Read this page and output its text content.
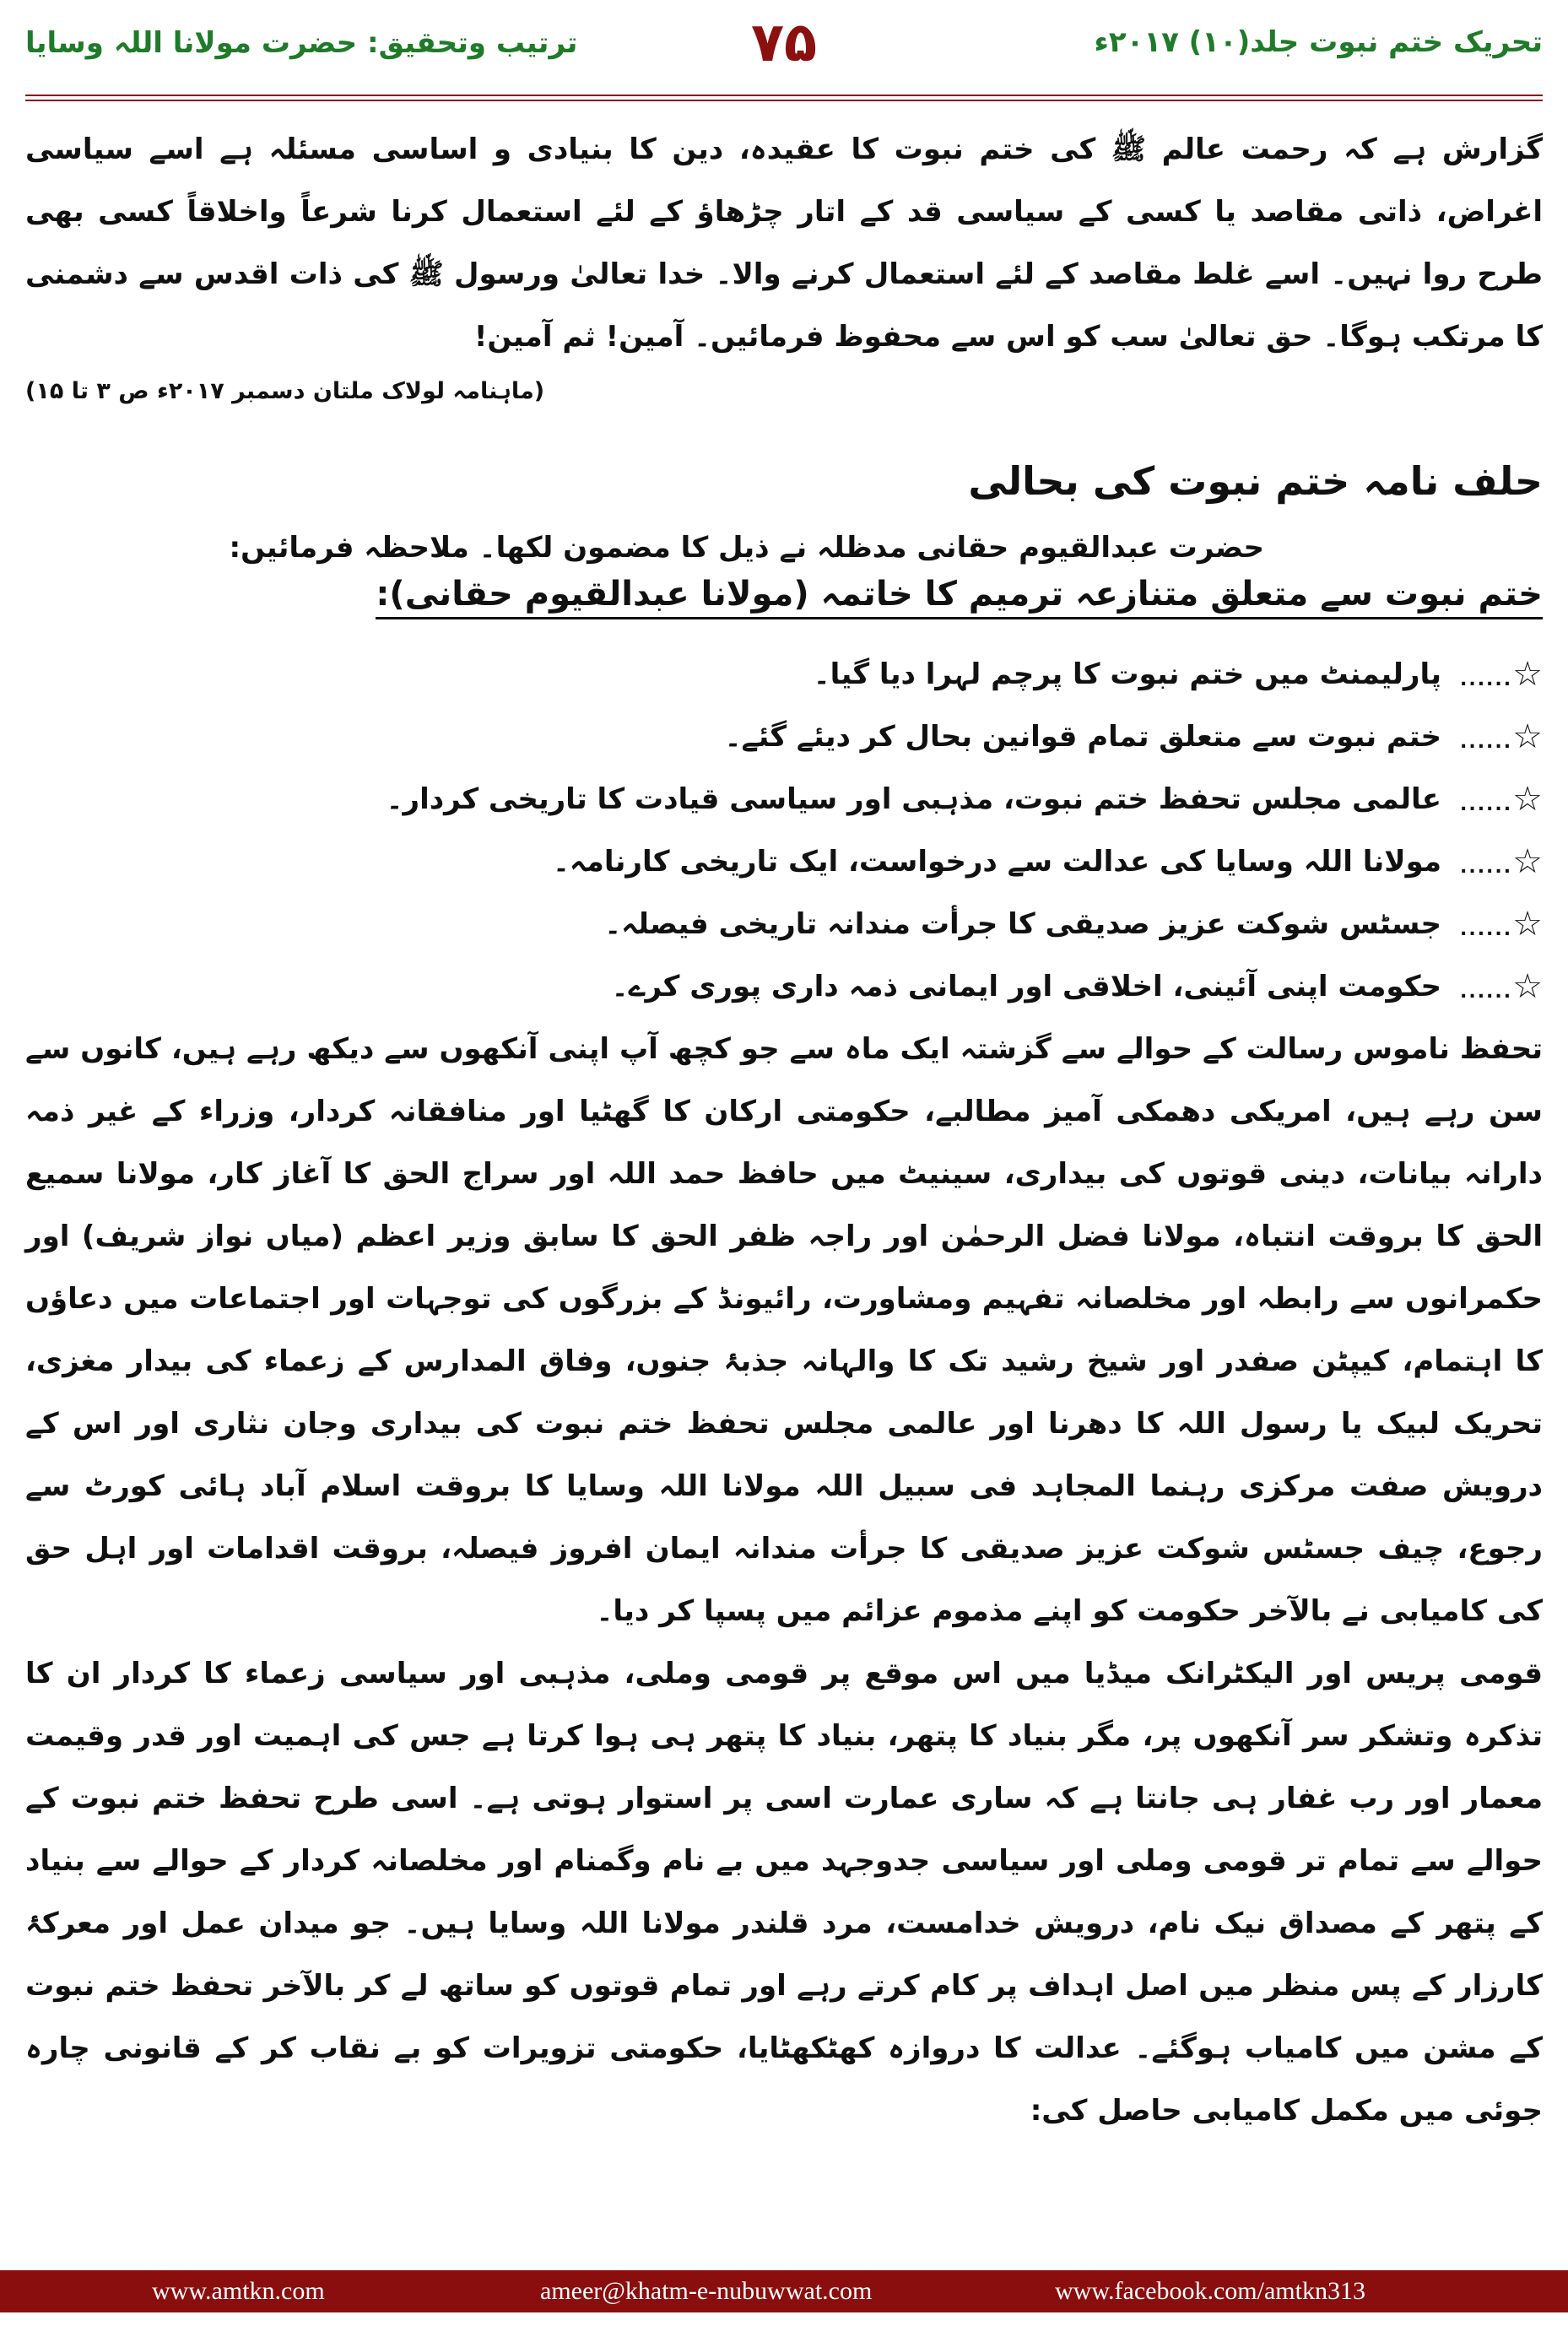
تحریک ختم نبوت جلد(۱۰) ۲۰۱۷ء
۷۵
ترتیب وتحقیق: حضرت مولانا اللہ وسایا

گزارش ہے کہ رحمت عالم ﷺ کی ختم نبوت کا عقیدہ، دین کا بنیادی و اساسی مسئلہ ہے اسے سیاسی اغراض، ذاتی مقاصد یا کسی کے سیاسی قد کے اتار چڑھاؤ کے لئے استعمال کرنا شرعاً واخلاقاً کسی بھی طرح روا نہیں۔ اسے غلط مقاصد کے لئے استعمال کرنے والا۔ خدا تعالیٰ ورسول ﷺ کی ذات اقدس سے دشمنی کا مرتکب ہوگا۔ حق تعالیٰ سب کو اس سے محفوظ فرمائیں۔ آمین! ثم آمین!

(ماہنامہ لولاک ملتان دسمبر ۲۰۱۷ء ص ۳ تا ۱۵)

حلف نامہ ختم نبوت کی بحالی

حضرت عبدالقیوم حقانی مدظلہ نے ذیل کا مضمون لکھا۔ ملاحظہ فرمائیں:

ختم نبوت سے متعلق متنازعہ ترمیم کا خاتمہ (مولانا عبدالقیوم حقانی):
☆......
پارلیمنٹ میں ختم نبوت کا پرچم لہرا دیا گیا۔
☆......
ختم نبوت سے متعلق تمام قوانین بحال کر دیئے گئے۔
☆......
عالمی مجلس تحفظ ختم نبوت، مذہبی اور سیاسی قیادت کا تاریخی کردار۔
☆......
مولانا اللہ وسایا کی عدالت سے درخواست، ایک تاریخی کارنامہ۔
☆......
جسٹس شوکت عزیز صدیقی کا جرأت مندانہ تاریخی فیصلہ۔
☆......
حکومت اپنی آئینی، اخلاقی اور ایمانی ذمہ داری پوری کرے۔

تحفظ ناموس رسالت کے حوالے سے گزشتہ ایک ماہ سے جو کچھ آپ اپنی آنکھوں سے دیکھ رہے ہیں، کانوں سے سن رہے ہیں، امریکی دھمکی آمیز مطالبے، حکومتی ارکان کا گھٹیا اور منافقانہ کردار، وزراء کے غیر ذمہ دارانہ بیانات، دینی قوتوں کی بیداری، سینیٹ میں حافظ حمد اللہ اور سراج الحق کا آغاز کار، مولانا سمیع الحق کا بروقت انتباہ، مولانا فضل الرحمٰن اور راجہ ظفر الحق کا سابق وزیر اعظم (میاں نواز شریف) اور حکمرانوں سے رابطہ اور مخلصانہ تفہیم ومشاورت، رائیونڈ کے بزرگوں کی توجہات اور اجتماعات میں دعاؤں کا اہتمام، کیپٹن صفدر اور شیخ رشید تک کا والہانہ جذبۂ جنوں، وفاق المدارس کے زعماء کی بیدار مغزی، تحریک لبیک یا رسول اللہ کا دھرنا اور عالمی مجلس تحفظ ختم نبوت کی بیداری وجان نثاری اور اس کے درویش صفت مرکزی رہنما المجاہد فی سبیل اللہ مولانا اللہ وسایا کا بروقت اسلام آباد ہائی کورٹ سے رجوع، چیف جسٹس شوکت عزیز صدیقی کا جرأت مندانہ ایمان افروز فیصلہ، بروقت اقدامات اور اہل حق کی کامیابی نے بالآخر حکومت کو اپنے مذموم عزائم میں پسپا کر دیا۔

قومی پریس اور الیکٹرانک میڈیا میں اس موقع پر قومی وملی، مذہبی اور سیاسی زعماء کا کردار ان کا تذکرہ وتشکر سر آنکھوں پر، مگر بنیاد کا پتھر، بنیاد کا پتھر ہی ہوا کرتا ہے جس کی اہمیت اور قدر وقیمت معمار اور رب غفار ہی جانتا ہے کہ ساری عمارت اسی پر استوار ہوتی ہے۔ اسی طرح تحفظ ختم نبوت کے حوالے سے تمام تر قومی وملی اور سیاسی جدوجہد میں بے نام وگمنام اور مخلصانہ کردار کے حوالے سے بنیاد کے پتھر کے مصداق نیک نام، درویش خدامست، مرد قلندر مولانا اللہ وسایا ہیں۔ جو میدان عمل اور معرکۂ کارزار کے پس منظر میں اصل اہداف پر کام کرتے رہے اور تمام قوتوں کو ساتھ لے کر بالآخر تحفظ ختم نبوت کے مشن میں کامیاب ہوگئے۔ عدالت کا دروازہ کھٹکھٹایا، حکومتی تزویرات کو بے نقاب کر کے قانونی چارہ جوئی میں مکمل کامیابی حاصل کی:

www.amtkn.com	ameer@khatm-e-nubuwwat.com	www.facebook.com/amtkn313
